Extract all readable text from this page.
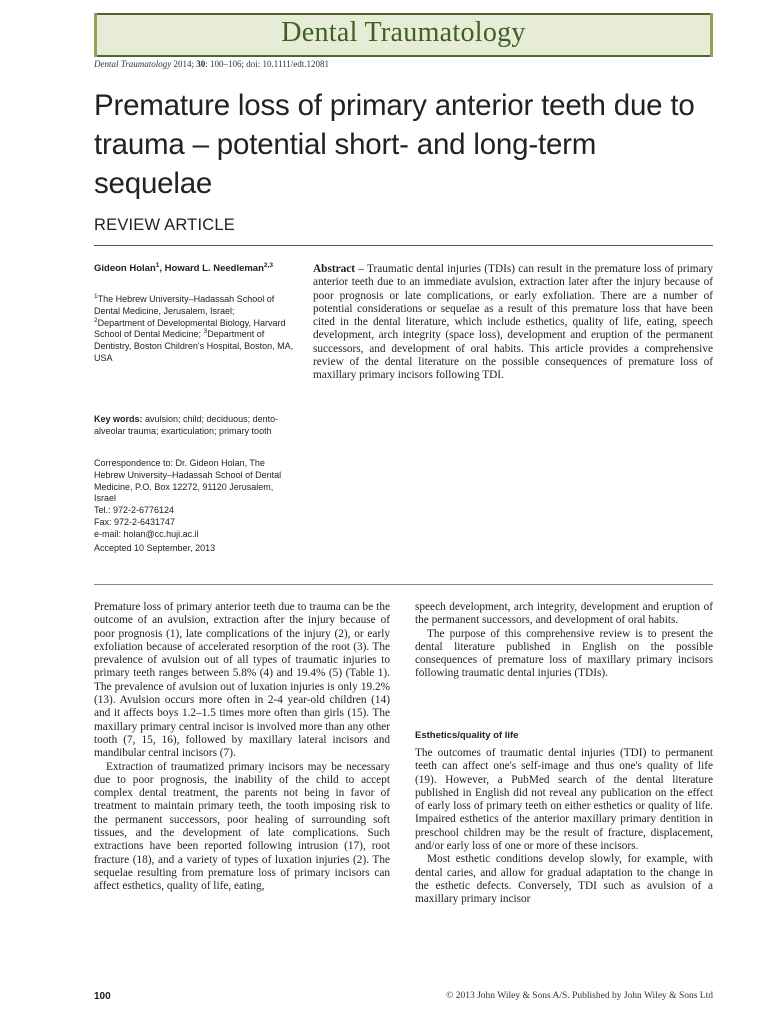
Dental Traumatology
Dental Traumatology 2014; 30: 100–106; doi: 10.1111/edt.12081
Premature loss of primary anterior teeth due to trauma – potential short- and long-term sequelae
REVIEW ARTICLE
Gideon Holan$^1$, Howard L. Needleman$^{2,3}$
$^1$The Hebrew University–Hadassah School of Dental Medicine, Jerusalem, Israel;
$^2$Department of Developmental Biology, Harvard School of Dental Medicine; $^3$Department of Dentistry, Boston Children's Hospital, Boston, MA, USA
Key words: avulsion; child; deciduous; dento-alveolar trauma; exarticulation; primary tooth
Correspondence to: Dr. Gideon Holan, The Hebrew University–Hadassah School of Dental Medicine, P.O. Box 12272, 91120 Jerusalem, Israel
Tel.: 972-2-6776124
Fax: 972-2-6431747
e-mail: holan@cc.huji.ac.il
Accepted 10 September, 2013
Abstract – Traumatic dental injuries (TDIs) can result in the premature loss of primary anterior teeth due to an immediate avulsion, extraction later after the injury because of poor prognosis or late complications, or early exfoliation. There are a number of potential considerations or sequelae as a result of this premature loss that have been cited in the dental literature, which include esthetics, quality of life, eating, speech development, arch integrity (space loss), development and eruption of the permanent successors, and development of oral habits. This article provides a comprehensive review of the dental literature on the possible consequences of premature loss of maxillary primary incisors following TDI.

Premature loss of primary anterior teeth due to trauma can be the outcome of an avulsion, extraction after the injury because of poor prognosis (1), late complications of the injury (2), or early exfoliation because of accelerated resorption of the root (3). The prevalence of avulsion out of all types of traumatic injuries to primary teeth ranges between 5.8% (4) and 19.4% (5) (Table 1). The prevalence of avulsion out of luxation injuries is only 19.2% (13). Avulsion occurs more often in 2-4 year-old children (14) and it affects boys 1.2–1.5 times more often than girls (15). The maxillary primary central incisor is involved more than any other tooth (7, 15, 16), followed by maxillary lateral incisors and mandibular central incisors (7).

Extraction of traumatized primary incisors may be necessary due to poor prognosis, the inability of the child to accept complex dental treatment, the parents not being in favor of treatment to maintain primary teeth, the tooth imposing risk to the permanent successors, poor healing of surrounding soft tissues, and the development of late complications. Such extractions have been reported following intrusion (17), root fracture (18), and a variety of types of luxation injuries (2). The sequelae resulting from premature loss of primary incisors can affect esthetics, quality of life, eating,

speech development, arch integrity, development and eruption of the permanent successors, and development of oral habits.

The purpose of this comprehensive review is to present the dental literature published in English on the possible consequences of premature loss of maxillary primary incisors following traumatic dental injuries (TDIs).

Esthetics/quality of life

The outcomes of traumatic dental injuries (TDI) to permanent teeth can affect one's self-image and thus one's quality of life (19). However, a PubMed search of the dental literature published in English did not reveal any publication on the effect of early loss of primary teeth on either esthetics or quality of life. Impaired esthetics of the anterior maxillary primary dentition in preschool children may be the result of fracture, displacement, and/or early loss of one or more of these incisors.

Most esthetic conditions develop slowly, for example, with dental caries, and allow for gradual adaptation to the change in the esthetic defects. Conversely, TDI such as avulsion of a maxillary primary incisor

100	© 2013 John Wiley & Sons A/S. Published by John Wiley & Sons Ltd
